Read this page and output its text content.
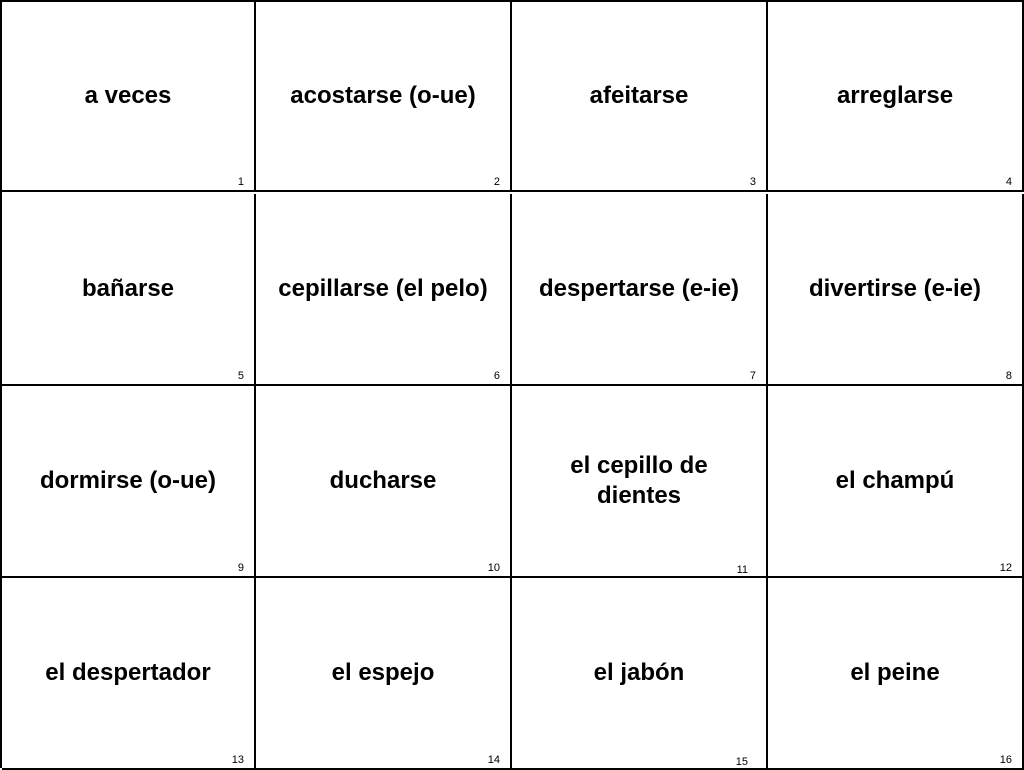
a veces
1
acostarse (o-ue)
2
afeitarse
3
arreglarse
4
bañarse
5
cepillarse (el pelo)
6
despertarse (e-ie)
7
divertirse (e-ie)
8
dormirse (o-ue)
9
ducharse
10
el cepillo de dientes
11
el champú
12
el despertador
13
el espejo
14
el jabón
15
el peine
16
